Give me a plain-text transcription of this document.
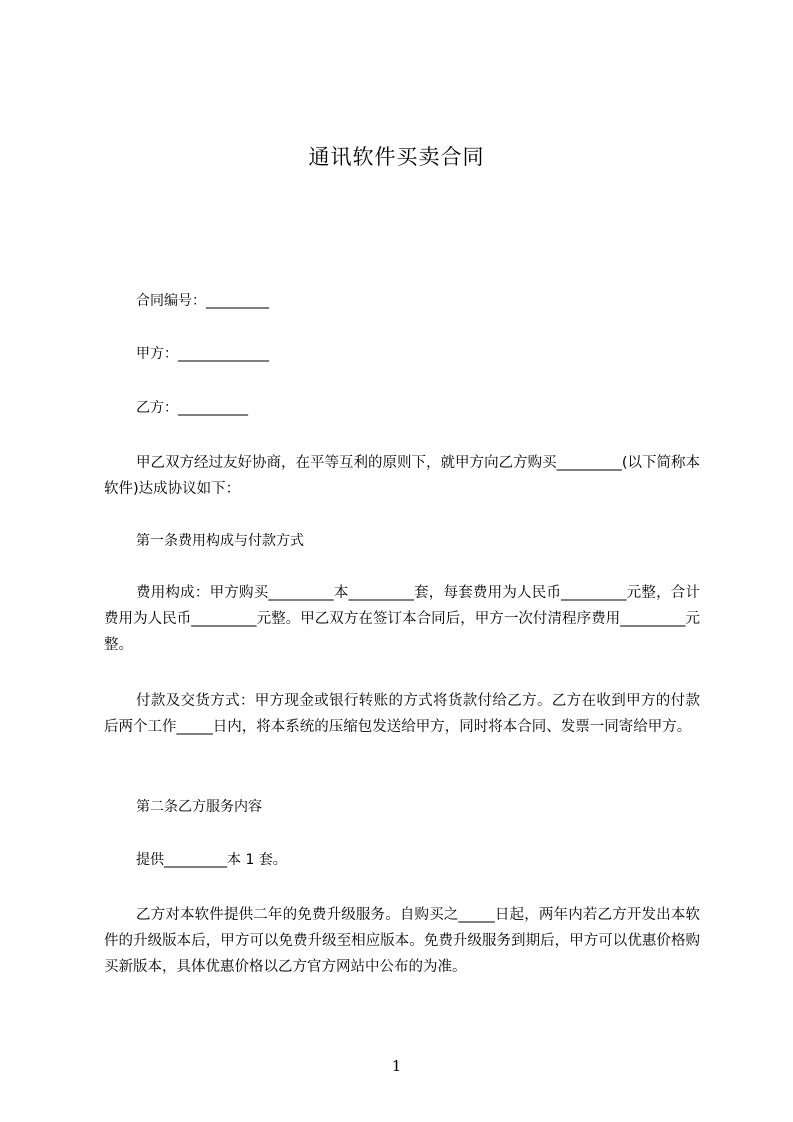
通讯软件买卖合同
合同编号：_________
甲方：_____________
乙方：__________
甲乙双方经过友好协商，在平等互利的原则下，就甲方向乙方购买_________(以下简称本软件)达成协议如下：
第一条费用构成与付款方式
费用构成：甲方购买_________本_________套，每套费用为人民币_________元整，合计费用为人民币_________元整。甲乙双方在签订本合同后，甲方一次付清程序费用_________元整。
付款及交货方式：甲方现金或银行转账的方式将货款付给乙方。乙方在收到甲方的付款后两个工作_____日内，将本系统的压缩包发送给甲方，同时将本合同、发票一同寄给甲方。
第二条乙方服务内容
提供_________本 1 套。
乙方对本软件提供二年的免费升级服务。自购买之_____日起，两年内若乙方开发出本软件的升级版本后，甲方可以免费升级至相应版本。免费升级服务到期后，甲方可以优惠价格购买新版本，具体优惠价格以乙方官方网站中公布的为准。
1
